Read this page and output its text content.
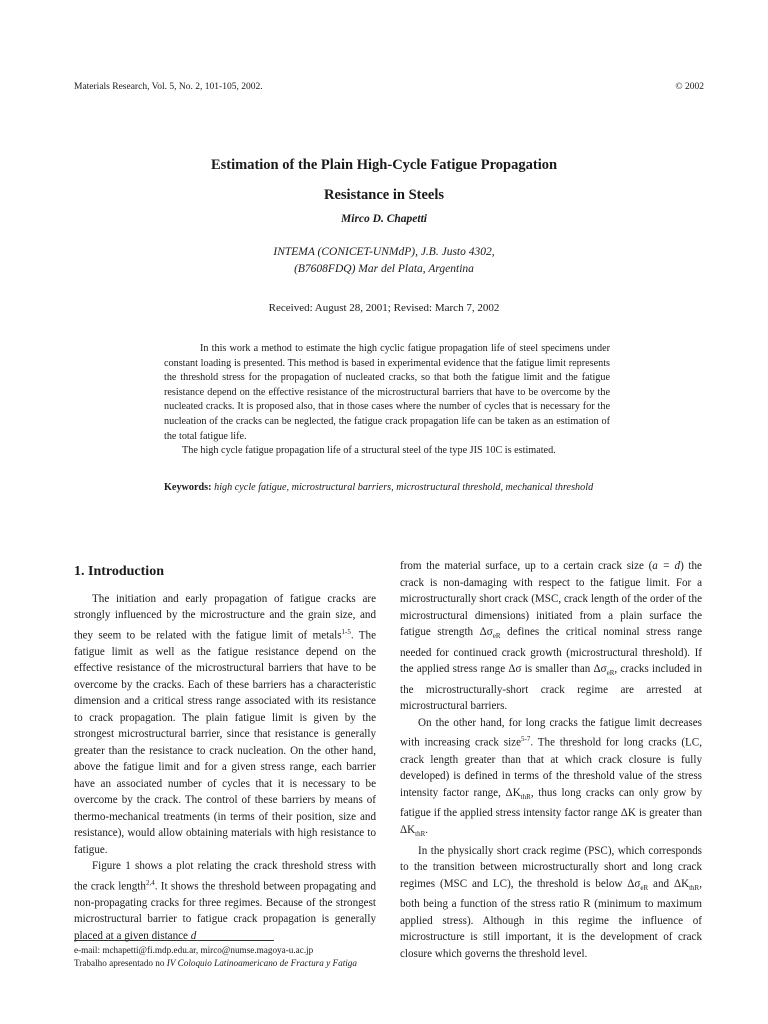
Materials Research, Vol. 5, No. 2, 101-105, 2002.	© 2002
Estimation of the Plain High-Cycle Fatigue Propagation
Resistance in Steels
Mirco D. Chapetti
INTEMA (CONICET-UNMdP), J.B. Justo 4302,
(B7608FDQ) Mar del Plata, Argentina
Received: August 28, 2001; Revised: March 7, 2002

In this work a method to estimate the high cyclic fatigue propagation life of steel specimens under constant loading is presented. This method is based in experimental evidence that the fatigue limit represents the threshold stress for the propagation of nucleated cracks, so that both the fatigue limit and the fatigue resistance depend on the effective resistance of the microstructural barriers that have to be overcome by the nucleated cracks. It is proposed also, that in those cases where the number of cycles that is necessary for the nucleation of the cracks can be neglected, the fatigue crack propagation life can be taken as an estimation of the total fatigue life.

The high cycle fatigue propagation life of a structural steel of the type JIS 10C is estimated.

Keywords: high cycle fatigue, microstructural barriers, microstructural threshold, mechanical threshold
1. Introduction

The initiation and early propagation of fatigue cracks are strongly influenced by the microstructure and the grain size, and they seem to be related with the fatigue limit of metals$^{1-5}$. The fatigue limit as well as the fatigue resistance depend on the effective resistance of the microstructural barriers that have to be overcome by the cracks. Each of these barriers has a characteristic dimension and a critical stress range associated with its resistance to crack propagation. The plain fatigue limit is given by the strongest microstructural barrier, since that resistance is generally greater than the resistance to crack nucleation. On the other hand, above the fatigue limit and for a given stress range, each barrier have an associated number of cycles that it is necessary to be overcome by the crack. The control of these barriers by means of thermo-mechanical treatments (in terms of their position, size and resistance), would allow obtaining materials with high resistance to fatigue.

Figure 1 shows a plot relating the crack threshold stress with the crack length$^{2,4}$. It shows the threshold between propagating and non-propagating cracks for three regimes. Because of the strongest microstructural barrier to fatigue crack propagation is generally placed at a given distance d

from the material surface, up to a certain crack size (a = d) the crack is non-damaging with respect to the fatigue limit. For a microstructurally short crack (MSC, crack length of the order of the microstructural dimensions) initiated from a plain surface the fatigue strength $\Delta\sigma_{eR}$ defines the critical nominal stress range needed for continued crack growth (microstructural threshold). If the applied stress range Δσ is smaller than $\Delta\sigma_{eR}$, cracks included in the microstructurally-short crack regime are arrested at microstructural barriers.

On the other hand, for long cracks the fatigue limit decreases with increasing crack size$^{5-7}$. The threshold for long cracks (LC, crack length greater than that at which crack closure is fully developed) is defined in terms of the threshold value of the stress intensity factor range, $\Delta K_{thR}$, thus long cracks can only grow by fatigue if the applied stress intensity factor range ΔK is greater than $\Delta K_{thR}$.

In the physically short crack regime (PSC), which corresponds to the transition between microstructurally short and long crack regimes (MSC and LC), the threshold is below $\Delta\sigma_{eR}$ and $\Delta K_{thR}$, both being a function of the stress ratio R (minimum to maximum applied stress). Although in this regime the influence of microstructure is still important, it is the development of crack closure which governs the threshold level.

e-mail: mchapetti@fi.mdp.edu.ar, mirco@numse.magoya-u.ac.jp
Trabalho apresentado no IV Coloquio Latinoamericano de Fractura y Fatiga
